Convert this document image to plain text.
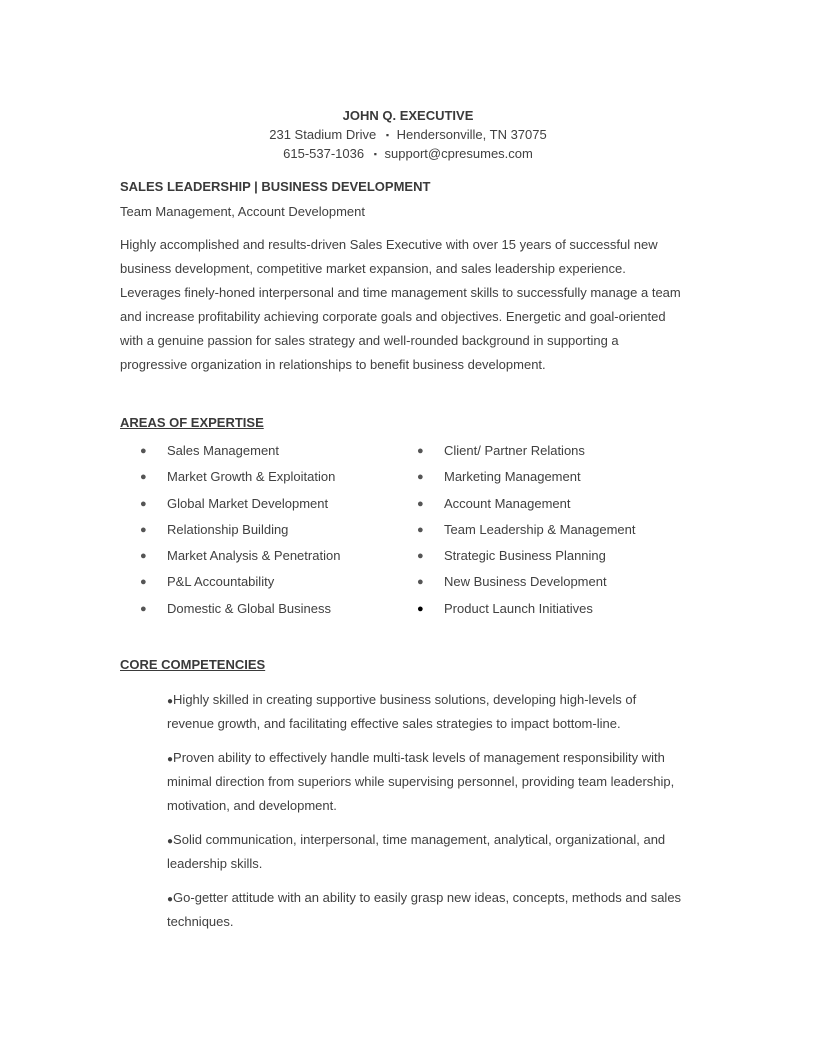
JOHN Q. EXECUTIVE
231 Stadium Drive ▪ Hendersonville, TN 37075
615-537-1036 ▪ support@cpresumes.com
SALES LEADERSHIP | BUSINESS DEVELOPMENT
Team Management, Account Development
Highly accomplished and results-driven Sales Executive with over 15 years of successful new
business development, competitive market expansion, and sales leadership experience.
Leverages finely-honed interpersonal and time management skills to successfully manage a team
and increase profitability achieving corporate goals and objectives. Energetic and goal-oriented
with a genuine passion for sales strategy and well-rounded background in supporting a
progressive organization in relationships to benefit business development.
AREAS OF EXPERTISE
● Sales Management
● Market Growth & Exploitation
● Global Market Development
● Relationship Building
● Market Analysis & Penetration
● P&L Accountability
● Domestic & Global Business
● Client/ Partner Relations
● Marketing Management
● Account Management
● Team Leadership & Management
● Strategic Business Planning
● New Business Development
● Product Launch Initiatives
CORE COMPETENCIES
●Highly skilled in creating supportive business solutions, developing high-levels of
revenue growth, and facilitating effective sales strategies to impact bottom-line.
●Proven ability to effectively handle multi-task levels of management responsibility with
minimal direction from superiors while supervising personnel, providing team leadership,
motivation, and development.
●Solid communication, interpersonal, time management, analytical, organizational, and
leadership skills.
●Go-getter attitude with an ability to easily grasp new ideas, concepts, methods and sales
techniques.
